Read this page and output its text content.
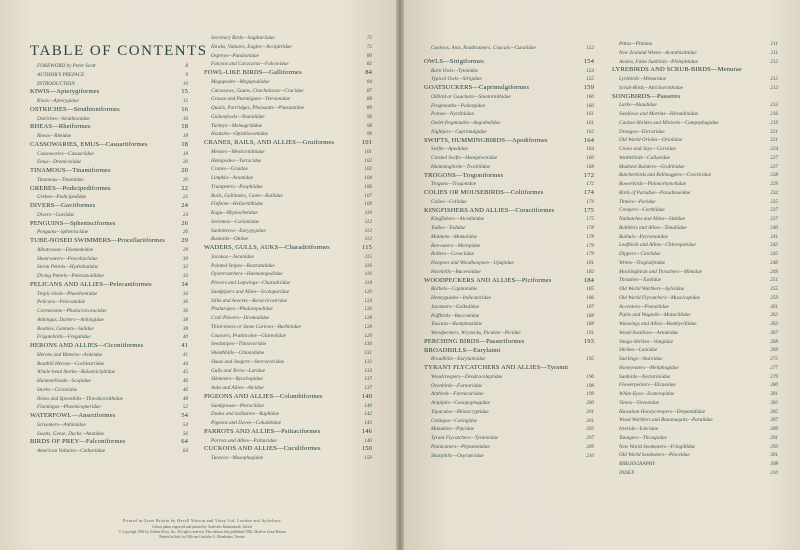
TABLE OF CONTENTS
FOREWORD by Peter Scott	8
AUTHOR'S PREFACE	9
INTRODUCTION	10
KIWIS—Apterygiformes	15
Kiwis—Apterygidae	15
OSTRICHES—Struthioniformes	16
Ostriches—Struthionidae	16
RHEAS—Rheiformes	18
Rheas—Rheidae	18
CASSOWARIES, EMUS—Casuariiformes	18
Cassowaries—Casuariidae	18
Emus—Dromiceiidae	20
TINAMOUS—Tinamiformes	20
Tinamous—Tinamidae	20
GREBES—Podicipediformes	22
Grebes—Podicipedidae	22
DIVERS—Gaviiformes	24
Divers—Gaviidae	24
PENGUINS—Sphenisciformes	26
Penguins—Spheniscidae	26
TUBE-NOSED SWIMMERS—Procellariiformes	29
Albatrosses—Diomedeidae	29
Shearwaters—Procellariidae	30
Storm Petrels—Hydrobatidae	32
Diving Petrels—Pelecanoididae	33
PELICANS AND ALLIES—Pelecaniformes	34
Tropic-birds—Phaethontidae	34
Pelicans—Pelecanidae	36
Cormorants—Phalacrocoracidae	36
Anhingas, Darters—Anhingidae	38
Boobies, Gannets—Sulidae	38
Frigatebirds—Fregatidae	40
HERONS AND ALLIES—Ciconiiformes	41
Herons and Bitterns—Ardeidae	41
Boatbill Herons—Cochleariidae	44
Whale-head Storks—Balaenicipitidae	45
Hammerheads—Scopidae	46
Storks—Ciconiidae	46
Ibises and Spoonbills—Threskiornithidae	48
Flamingos—Phoenicopteridae	52
WATERFOWL—Anseriformes	54
Screamers—Anhimidae	54
Swans, Geese, Ducks—Anatidae	56
BIRDS OF PREY—Falconiformes	64
American Vultures—Cathartidae	64
Secretary Birds—Sagittariidae	72
Hawks, Vultures, Eagles—Accipitridae	72
Ospreys—Pandionidae	80
Falcons and Caracaras—Falconidae	82
FOWL-LIKE BIRDS—Galliformes	84
Megapodes—Megapodiidae	84
Curassows, Guans, Chachalacas—Cracidae	87
Grouse and Ptarmigans—Tetraonidae	88
Quails, Partridges, Pheasants—Phasianidae	89
Guineafowls—Numididae	96
Turkeys—Meleagrididae	98
Hoatzins—Opisthocomidae	99
CRANES, RAILS, AND ALLIES—Gruiformes	101
Mesites—Mesitornithidae	101
Hemipodes—Turnicidae	102
Cranes—Gruidae	102
Limpkin—Aramidae	104
Trumpeters—Psophiidae	106
Rails, Gallinules, Coots—Rallidae	107
Finfoots—Heliornithidae	109
Kagu—Rhynochetidae	110
Seriemas—Cariamidae	112
Sunbitterns—Eurypygidae	112
Bustards—Otidae	112
WADERS, GULLS, AUKS—Charadriiformes	115
Jacanas—Jacanidae	115
Painted Snipes—Rostratulidae	116
Oystercatchers—Haematopodidae	116
Plovers and Lapwings—Charadriidae	118
Sandpipers and Allies—Scolopacidae	120
Stilts and Avocets—Recurvirostridae	124
Phalaropes—Phalaropodidae	126
Crab Plovers—Dromadidae	128
Thick-knees or Stone Curlews—Burhinidae	128
Coursers, Pratincoles—Glareolidae	129
Seedsnipes—Thinocoridae	130
Sheathbills—Chionididae	131
Skuas and Jaegers—Stercorariidae	132
Gulls and Terns—Laridae	133
Skimmers—Rynchopidae	137
Auks and Allies—Alcidae	137
PIGEONS AND ALLIES—Columbiformes	140
Sandgrouse—Pteroclidae	140
Dodos and Solitaires—Raphidae	142
Pigeons and Doves—Columbidae	143
PARROTS AND ALLIES—Psittaciformes	146
Parrots and Allies—Psittacidae	146
CUCKOOS AND ALLIES—Cuculiformes	150
Turacos—Musophagidae	150
Cuckoos, Anis, Roadrunners, Coucals—Cuculidae	152
OWLS—Strigiformes	154
Barn Owls—Tytonidae	154
Typical Owls—Strigidae	155
GOATSUCKERS—Caprimulgiformes	159
Oilbird or Guacharo—Steatornithidae	160
Frogmouths—Podargidae	160
Potoos—Nyctibiidae	161
Owlet-frogmouths—Aegothelidae	161
Nightjars—Caprimulgidae	162
SWIFTS, HUMMINGBIRDS—Apodiformes	164
Swifts—Apodidae	164
Crested Swifts—Hemiprocnidae	166
Hummingbirds—Trochilidae	168
TROGONS—Trogoniformes	172
Trogons—Trogonidae	172
COLIES OR MOUSEBIRDS—Coliiformes	174
Colies—Coliidae	174
KINGFISHERS AND ALLIES—Coraciiformes	175
Kingfishers—Alcedinidae	175
Todies—Todidae	178
Motmots—Momotidae	178
Bee-eaters—Meropidae	179
Rollers—Coraciidae	179
Hoopoes and Woodhoopoes—Upupidae	181
Hornbills—Bucerotidae	182
WOODPECKERS AND ALLIES—Piciformes	184
Barbets—Capitonidae	185
Honeyguides—Indicatoridae	186
Jacamars—Galbulidae	187
Puffbirds—Bucconidae	188
Toucans—Ramphastidae	188
Woodpeckers, Wrynecks, Piculets—Picidae	191
PERCHING BIRDS—Passeriformes	193
BROADBILLS—Eurylaimi
Broadbills—Eurylaimidae	195
TYRANT FLYCATCHERS AND ALLIES—Tyranni
Woodcreepers—Dendrocolaptidae	196
Ovenbirds—Furnariidae	198
Antbirds—Formicariidae	199
Antpipits—Conopophagidae	200
Tapaculos—Rhinocryptidae	201
Cotingas—Cotingidae	201
Manakins—Pipridae	203
Tyrant Flycatchers—Tyrannidae	207
Plantcutters—Phytotomidae	209
Sharpbills—Oxyruncidae	210
Pittas—Pittidae	211
New Zealand Wrens—Acanthisittidae	211
Asities, False Sunbirds—Philepittidae	212
LYREBIRDS AND SCRUB-BIRDS—Menurae
Lyrebirds—Menuridae	212
Scrub-Birds—Atrichornithidae	212
SONGBIRDS—Passeres
Larks—Alaudidae	213
Swallows and Martins—Hirundinidae	216
Cuckoo-Shrikes and Minivets—Campephagidae	219
Drongos—Dicruridae	221
Old World Orioles—Oriolidae	221
Crows and Jays—Corvidae	224
Wattlebirds—Callaeidae	227
Mudnest Builders—Grallinidae	227
Butcherbirds and Bellmagpies—Cracticidae	228
Bowerbirds—Ptilonorhynchidae	229
Birds of Paradise—Paradisaeidae	232
Titmice—Paridae	235
Creepers—Certhiidae	237
Nuthatches and Allies—Sittidae	237
Babblers and Allies—Timaliidae	240
Bulbuls—Pycnonotidae	241
Leafbirds and Allies—Chloropseidae	242
Dippers—Cinclidae	245
Wrens—Troglodytidae	246
Mockingbirds and Thrashers—Mimidae	249
Thrushes—Turdidae	251
Old World Warblers—Sylviidae	255
Old World Flycatchers—Muscicapidae	259
Accentors—Prunellidae	261
Pipits and Wagtails—Motacillidae	262
Waxwings and Allies—Bombycillidae	263
Wood-Swallows—Artamidae	267
Vanga-Shrikes—Vangidae	268
Shrikes—Laniidae	269
Starlings—Sturnidae	272
Honeyeaters—Meliphagidae	277
Sunbirds—Nectariniidae	279
Flowerpeckers—Dicaeidae	280
White-Eyes—Zosteropidae	281
Vireos—Vireonidae	282
Hawaiian Honeycreepers—Drepanididae	285
Wood Warblers and Bananaquits—Parulidae	287
Icterids—Icteridae	289
Tanagers—Thraupidae	291
New World Seedeaters—Fringillidae	293
Old World Seedeaters—Ploceidae	301
BIBLIOGRAPHY	308
INDEX	310
Printed in Great Britain by Hazell Watson and Viney Ltd, London and Aylesbury
Colour plates engraved and printed by Grafische Kunstanstalt, Zürich
© Copyright 1961 by Golden Press, Inc. All rights reserved. This edition first published 1962. Made in Great Britain
Printed in Italy by Officine Grafiche A. Mondadori, Verona
